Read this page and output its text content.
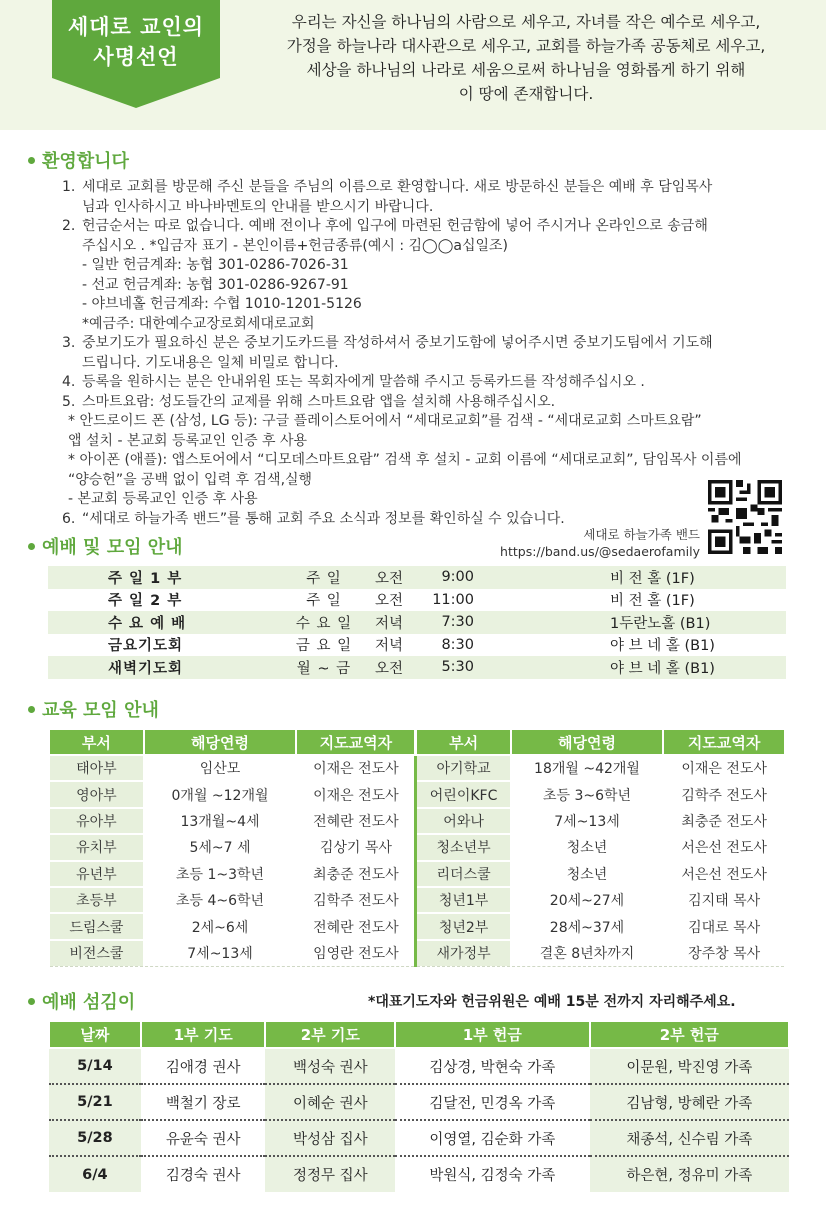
세대로 교인의
사명선언
우리는 자신을 하나님의 사람으로 세우고, 자녀를 작은 예수로 세우고,
가정을 하늘나라 대사관으로 세우고, 교회를 하늘가족 공동체로 세우고,
세상을 하나님의 나라로 세움으로써 하나님을 영화롭게 하기 위해
이 땅에 존재합니다.
환영합니다
1. 세대로 교회를 방문해 주신 분들을 주님의 이름으로 환영합니다. 새로 방문하신 분들은 예배 후 담임목사
님과 인사하시고 바나바멘토의 안내를 받으시기 바랍니다.
2. 헌금순서는 따로 없습니다. 예배 전이나 후에 입구에 마련된 헌금함에 넣어 주시거나 온라인으로 송금해
주십시오 . *입금자 표기 - 본인이름+헌금종류(예시 : 김◯◯a십일조)
- 일반 헌금계좌: 농협 301-0286-7026-31
- 선교 헌금계좌: 농협 301-0286-9267-91
- 야브네홀 헌금계좌: 수협 1010-1201-5126
*예금주: 대한예수교장로회세대로교회
3. 중보기도가 필요하신 분은 중보기도카드를 작성하셔서 중보기도함에 넣어주시면 중보기도팀에서 기도해
드립니다. 기도내용은 일체 비밀로 합니다.
4. 등록을 원하시는 분은 안내위원 또는 목회자에게 말씀해 주시고 등록카드를 작성해주십시오 .
5. 스마트요람: 성도들간의 교제를 위해 스마트요람 앱을 설치해 사용해주십시오.
* 안드로이드 폰 (삼성, LG 등): 구글 플레이스토어에서 “세대로교회”를 검색 - “세대로교회 스마트요람”
앱 설치 - 본교회 등록교인 인증 후 사용
* 아이폰 (애플): 앱스토어에서 “디모데스마트요람” 검색 후 설치 - 교회 이름에 “세대로교회”, 담임목사 이름에
“양승헌”을 공백 없이 입력 후 검색,실행
- 본교회 등록교인 인증 후 사용
6. “세대로 하늘가족 밴드”를 통해 교회 주요 소식과 정보를 확인하실 수 있습니다.
세대로 하늘가족 밴드
https://band.us/@sedaerofamily
예배 및 모임 안내
주 일 1 부	주 일	오전	9:00	비 전 홀 (1F)
주 일 2 부	주 일	오전	11:00	비 전 홀 (1F)
수 요 예 배	수 요 일	저녁	7:30	1두란노홀 (B1)
금요기도회	금 요 일	저녁	8:30	야 브 네 홀 (B1)
새벽기도회	월 ~ 금	오전	5:30	야 브 네 홀 (B1)
교육 모임 안내
부서	해당연령	지도교역자	부서	해당연령	지도교역자
태아부	임산모	이재은 전도사	아기학교	18개월 ~42개월	이재은 전도사
영아부	0개월 ~12개월	이재은 전도사	어린이KFC	초등 3~6학년	김학주 전도사
유아부	13개월~4세	전혜란 전도사	어와나	7세~13세	최충준 전도사
유치부	5세~7 세	김상기 목사	청소년부	청소년	서은선 전도사
유년부	초등 1~3학년	최충준 전도사	리더스쿨	청소년	서은선 전도사
초등부	초등 4~6학년	김학주 전도사	청년1부	20세~27세	김지태 목사
드림스쿨	2세~6세	전혜란 전도사	청년2부	28세~37세	김대로 목사
비전스쿨	7세~13세	임영란 전도사	새가정부	결혼 8년차까지	장주창 목사
예배 섬김이	*대표기도자와 헌금위원은 예배 15분 전까지 자리해주세요.
날짜	1부 기도	2부 기도	1부 헌금	2부 헌금
5/14	김애경 권사	백성숙 권사	김상경, 박현숙 가족	이문원, 박진영 가족
5/21	백철기 장로	이혜순 권사	김달전, 민경옥 가족	김남형, 방혜란 가족
5/28	유윤숙 권사	박성삼 집사	이영열, 김순화 가족	채종석, 신수림 가족
6/4	김경숙 권사	정정무 집사	박원식, 김정숙 가족	하은현, 정유미 가족
